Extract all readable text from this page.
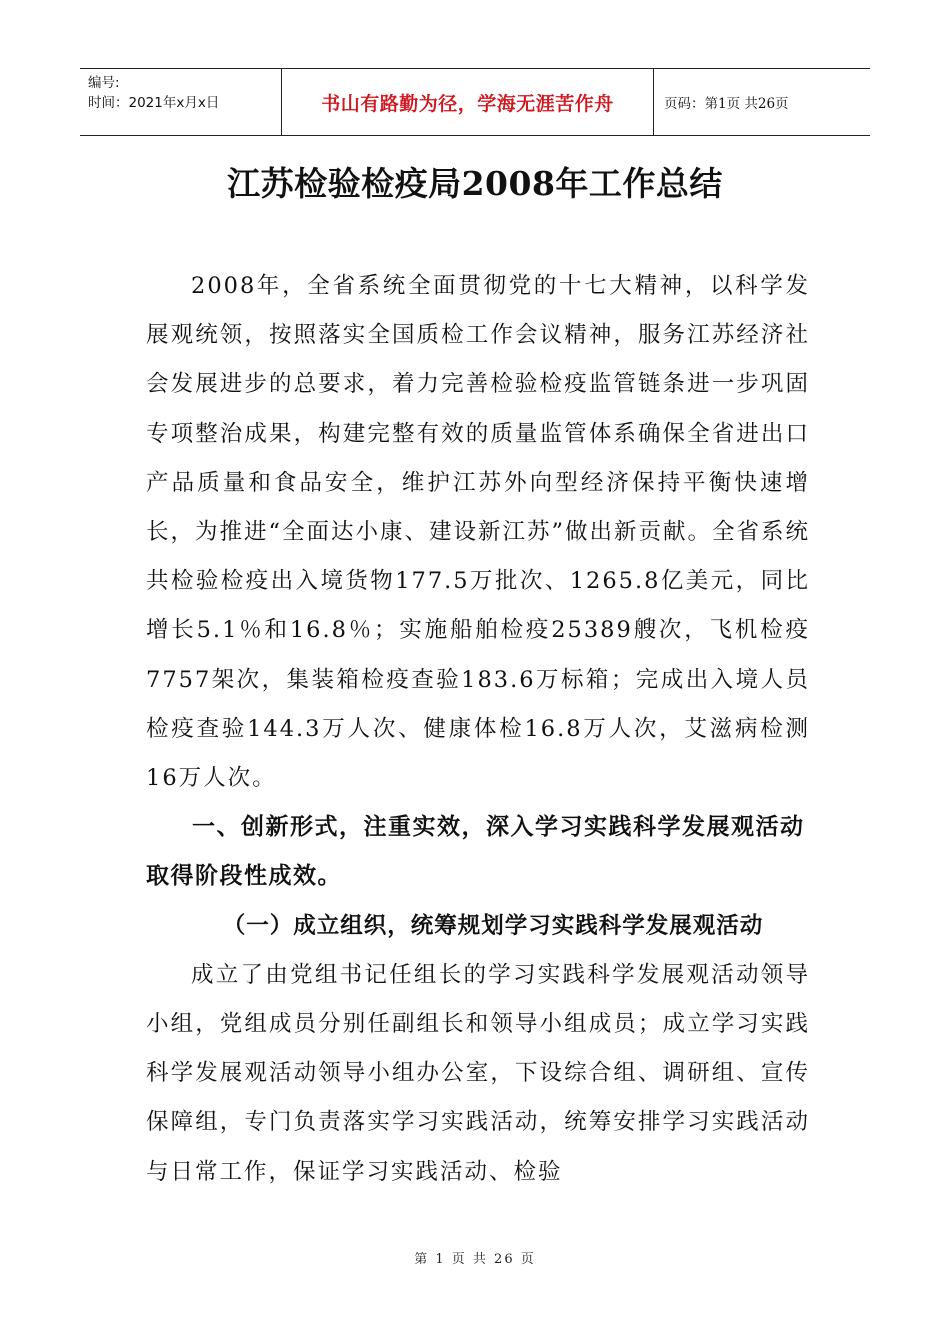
编号:
时间：2021年x月x日	书山有路勤为径，学海无涯苦作舟	页码：第1页 共26页
江苏检验检疫局2008年工作总结

2008年，全省系统全面贯彻党的十七大精神，以科学发展观统领，按照落实全国质检工作会议精神，服务江苏经济社会发展进步的总要求，着力完善检验检疫监管链条进一步巩固专项整治成果，构建完整有效的质量监管体系确保全省进出口产品质量和食品安全，维护江苏外向型经济保持平衡快速增长，为推进“全面达小康、建设新江苏”做出新贡献。全省系统共检验检疫出入境货物177.5万批次、1265.8亿美元，同比增长5.1％和16.8％；实施船舶检疫25389艘次，飞机检疫7757架次，集装箱检疫查验183.6万标箱；完成出入境人员检疫查验144.3万人次、健康体检16.8万人次，艾滋病检测16万人次。

一、创新形式，注重实效，深入学习实践科学发展观活动取得阶段性成效。

（一）成立组织，统筹规划学习实践科学发展观活动

成立了由党组书记任组长的学习实践科学发展观活动领导小组，党组成员分别任副组长和领导小组成员；成立学习实践科学发展观活动领导小组办公室，下设综合组、调研组、宣传保障组，专门负责落实学习实践活动，统筹安排学习实践活动与日常工作，保证学习实践活动、检验

第 1 页 共 26 页
